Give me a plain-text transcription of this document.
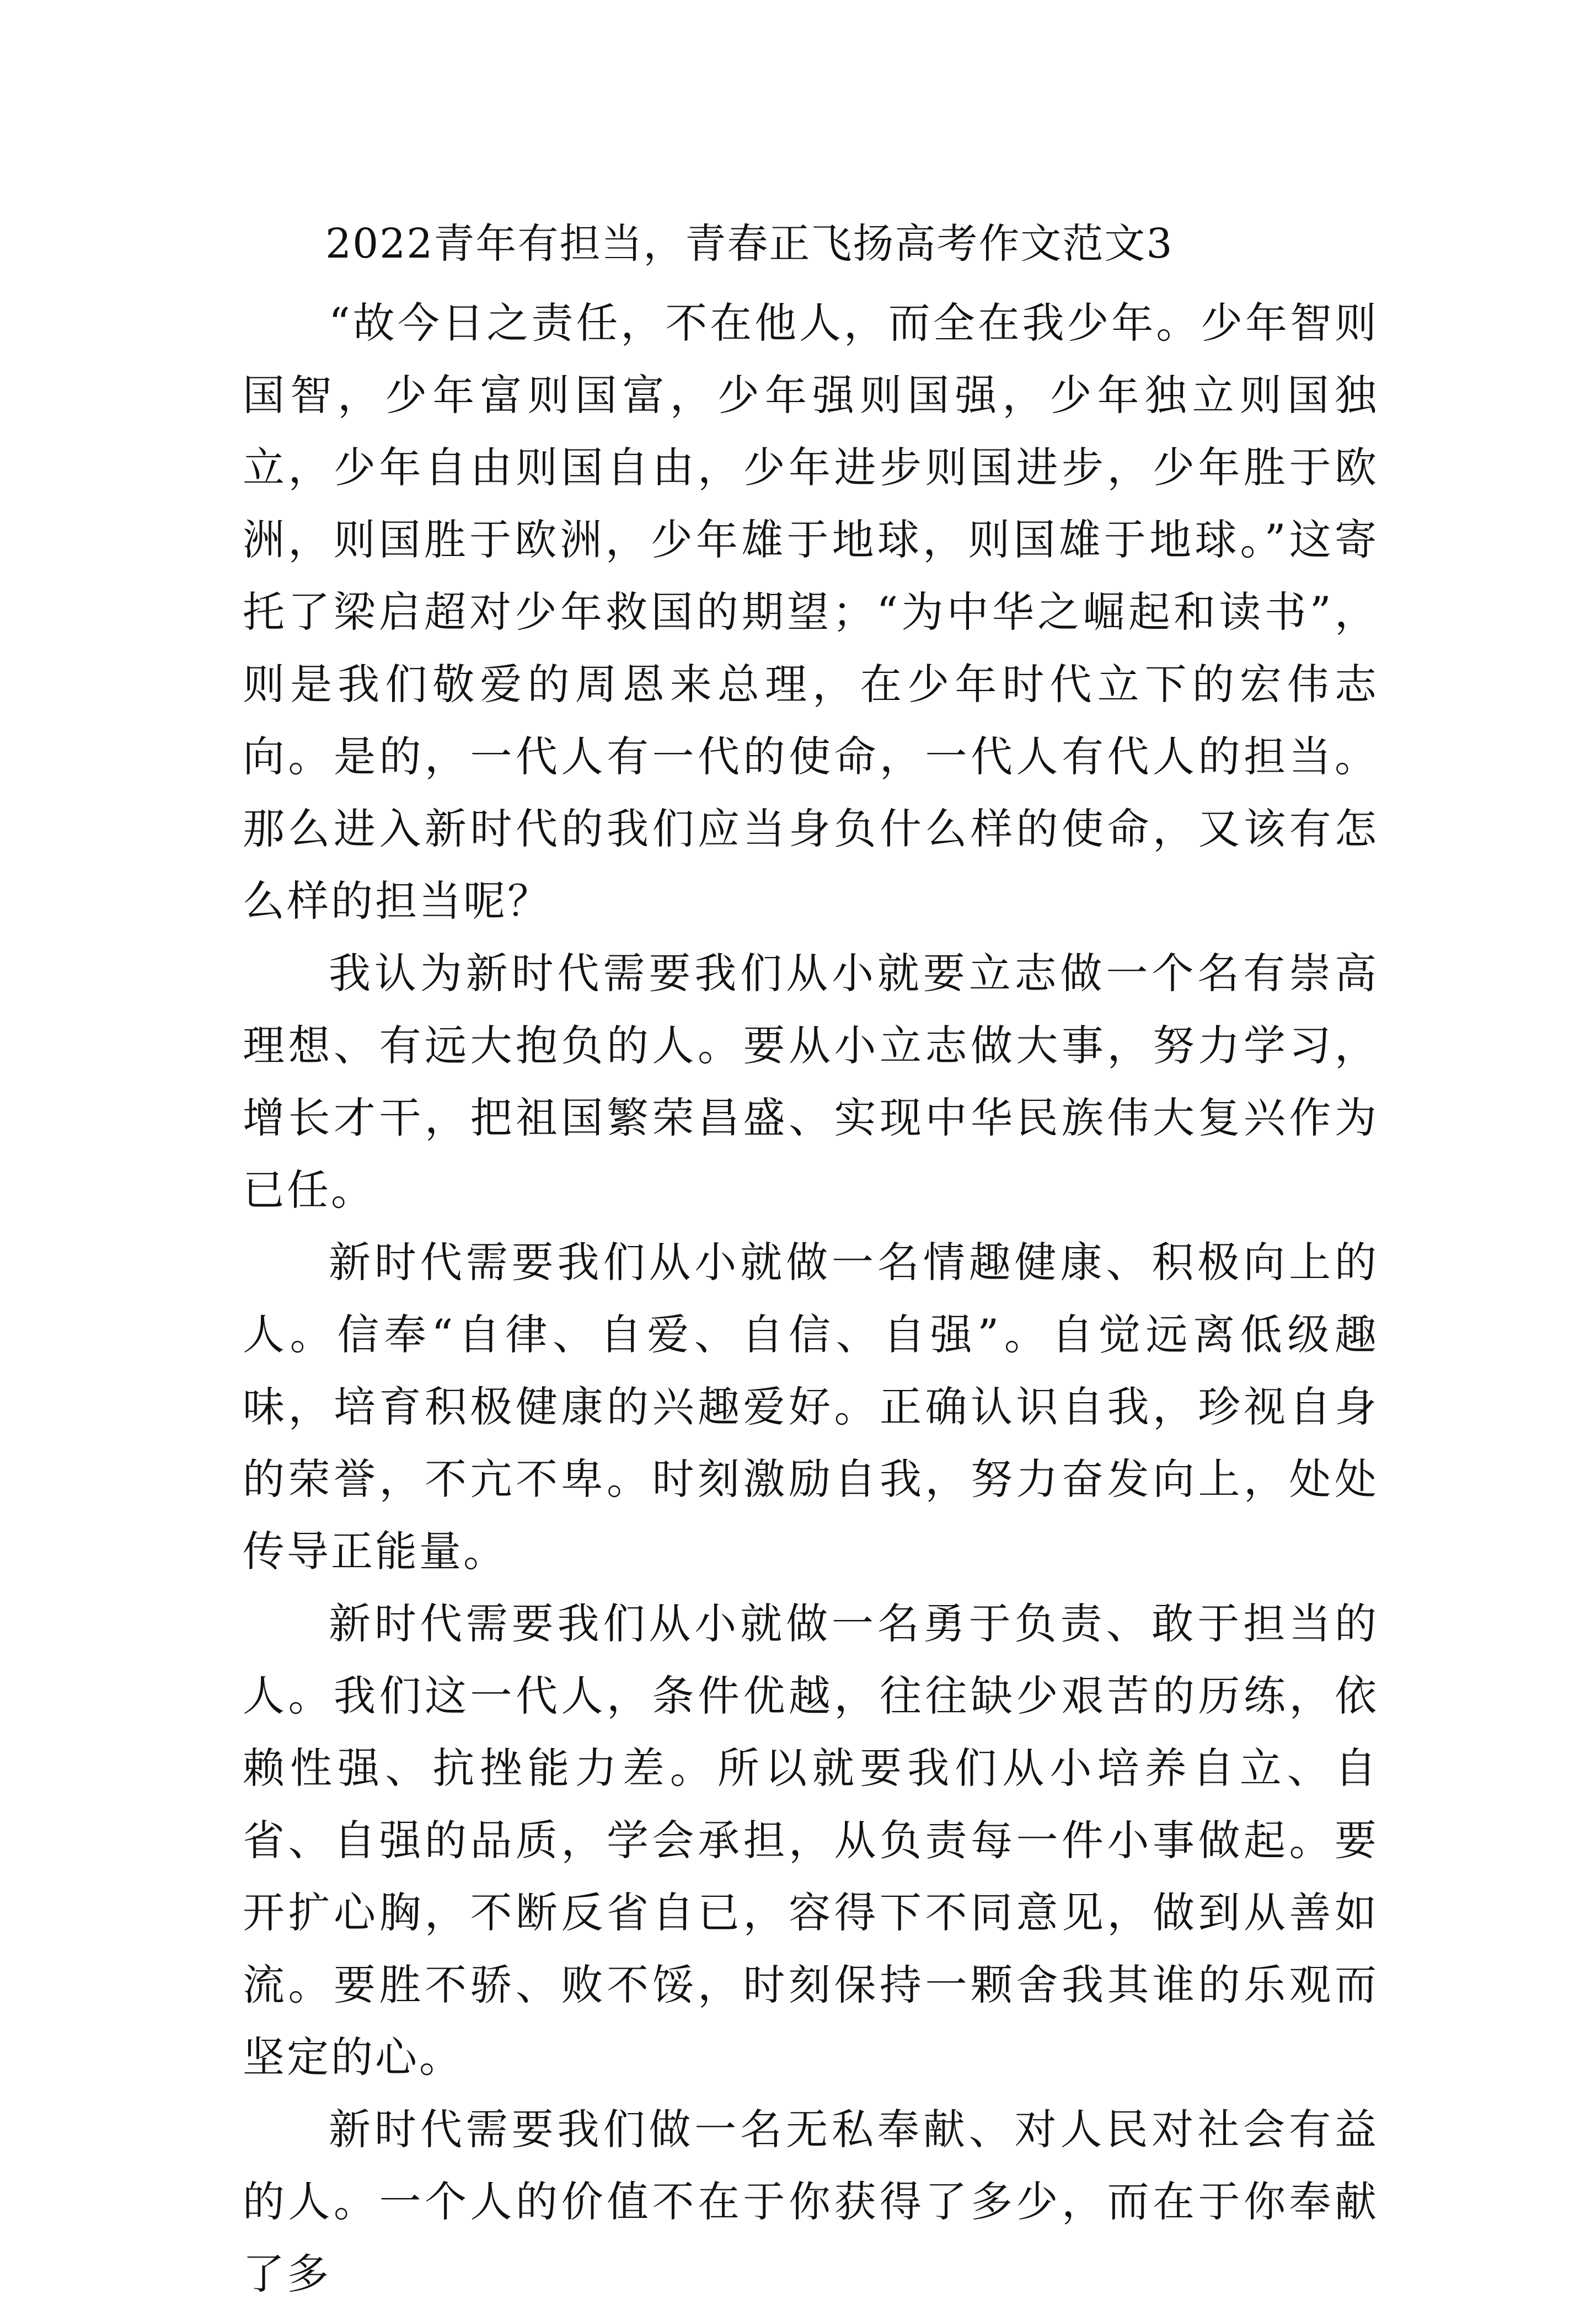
2022青年有担当，青春正飞扬高考作文范文3

“故今日之责任，不在他人，而全在我少年。少年智则国智，少年富则国富，少年强则国强，少年独立则国独立，少年自由则国自由，少年进步则国进步，少年胜于欧洲，则国胜于欧洲，少年雄于地球，则国雄于地球。”这寄托了梁启超对少年救国的期望；“为中华之崛起和读书”，则是我们敬爱的周恩来总理，在少年时代立下的宏伟志向。是的，一代人有一代的使命，一代人有代人的担当。那么进入新时代的我们应当身负什么样的使命，又该有怎么样的担当呢？

我认为新时代需要我们从小就要立志做一个名有崇高理想、有远大抱负的人。要从小立志做大事，努力学习，增长才干，把祖国繁荣昌盛、实现中华民族伟大复兴作为已任。

新时代需要我们从小就做一名情趣健康、积极向上的人。信奉“自律、自爱、自信、自强”。自觉远离低级趣味，培育积极健康的兴趣爱好。正确认识自我，珍视自身的荣誉，不亢不卑。时刻激励自我，努力奋发向上，处处传导正能量。

新时代需要我们从小就做一名勇于负责、敢于担当的人。我们这一代人，条件优越，往往缺少艰苦的历练，依赖性强、抗挫能力差。所以就要我们从小培养自立、自省、自强的品质，学会承担，从负责每一件小事做起。要开扩心胸，不断反省自已，容得下不同意见，做到从善如流。要胜不骄、败不馁，时刻保持一颗舍我其谁的乐观而坚定的心。

新时代需要我们做一名无私奉献、对人民对社会有益的人。一个人的价值不在于你获得了多少，而在于你奉献了多
